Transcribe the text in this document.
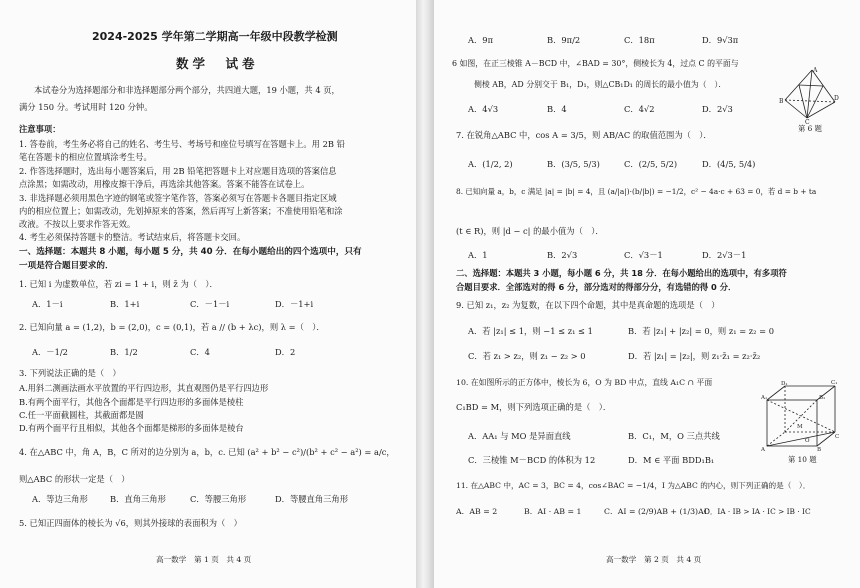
2024-2025 学年第二学期高一年级中段教学检测
数学　试卷
本试卷分为选择题部分和非选择题部分两个部分，共四道大题，19 小题，共 4 页，
满分 150 分。考试用时 120 分钟。
注意事项：
1. 答卷前，考生务必将自己的姓名、考生号、考场号和座位号填写在答题卡上。用 2B 铅
笔在答题卡的相应位置填涂考生号。
2. 作答选择题时，选出每小题答案后，用 2B 铅笔把答题卡上对应题目选项的答案信息
点涂黑；如需改动，用橡皮擦干净后，再选涂其他答案。答案不能答在试卷上。
3. 非选择题必须用黑色字迹的钢笔或签字笔作答，答案必须写在答题卡各题目指定区域
内的相应位置上；如需改动，先划掉原来的答案，然后再写上新答案；不准使用铅笔和涂
改液。不按以上要求作答无效。
4. 考生必须保持答题卡的整洁。考试结束后，将答题卡交回。
一、选择题：本题共 8 小题，每小题 5 分，共 40 分．在每小题给出的四个选项中，只有
一项是符合题目要求的．
1. 已知 i 为虚数单位，若 zi = 1 + i，则 z̄ 为（　）．
A．1－i	B．1+i	C．－1－i	D．－1+i
2. 已知向量 a = (1,2)，b = (2,0)，c = (0,1)，若 a // (b + λc)，则 λ =（　）．
A．－1/2	B．1/2	C．4	D．2
3. 下列说法正确的是（　）
A.用斜二测画法画水平放置的平行四边形，其直观图仍是平行四边形
B.有两个面平行，其他各个面都是平行四边形的多面体是棱柱
C.任一平面截圆柱，其截面都是圆
D.有两个面平行且相似，其他各个面都是梯形的多面体是棱台
4. 在△ABC 中，角 A，B，C 所对的边分别为 a，b，c. 已知 (a² + b² − c²)/(b² + c² − a²) = a/c，
则△ABC 的形状一定是（　）
A．等边三角形	B．直角三角形	C．等腰三角形	D．等腰直角三角形
5. 已知正四面体的棱长为 √6，则其外接球的表面积为（　）
高一数学　第 1 页　共 4 页
A．9π	B．9π/2	C．18π	D．9√3π
6 如图，在正三棱锥 A－BCD 中，∠BAD = 30°，侧棱长为 4，过点 C 的平面与
侧棱 AB，AD 分别交于 B₁，D₁，则△CB₁D₁ 的周长的最小值为（　）．
A．4√3	B．4	C．4√2	D．2√3
A
B
C
D
第 6 题
7. 在锐角△ABC 中，cos A = 3/5，则 AB/AC 的取值范围为（　）．
A．(1/2, 2)	B．(3/5, 5/3)	C．(2/5, 5/2)	D．(4/5, 5/4)
8. 已知向量 a，b，c 满足 |a| = |b| = 4，且 (a/|a|)·(b/|b|) = −1/2，c² − 4a·c + 63 = 0，若 d = b + ta
(t ∈ R)，则 |d − c| 的最小值为（　）．
A．1	B．2√3	C．√3－1	D．2√3－1
二、选择题：本题共 3 小题，每小题 6 分，共 18 分．在每小题给出的选项中，有多项符
合题目要求．全部选对的得 6 分，部分选对的得部分分，有选错的得 0 分．
9. 已知 z₁，z₂ 为复数，在以下四个命题，其中是真命题的选项是（　）
A．若 |z₁| ≤ 1，则 −1 ≤ z₁ ≤ 1	B．若 |z₁| + |z₂| = 0，则 z₁ = z₂ = 0
C．若 z₁ > z₂，则 z₁ − z₂ > 0	D．若 |z₁| = |z₂|，则 z₁·z̄₁ = z₂·z̄₂
10. 在如图所示的正方体中，棱长为 6，O 为 BD 中点，直线 A₁C ∩ 平面
C₁BD = M，则下列选项正确的是（　）．
A．AA₁ 与 MO 是异面直线	B．C₁，M，O 三点共线
C．三棱锥 M－BCD 的体积为 12	D．M ∈ 平面 BDD₁B₁
A₁
D₁
B₁
C₁
A	B
C
M
O
第 10 题
11. 在△ABC 中，AC = 3，BC = 4，cos∠BAC = −1/4，I 为△ABC 的内心，则下列正确的是（　）．
A．AB = 2	B．AI · AB = 1	C．AI = (2/9)AB + (1/3)AC
D．IA · IB > IA · IC > IB · IC
高一数学　第 2 页　共 4 页
